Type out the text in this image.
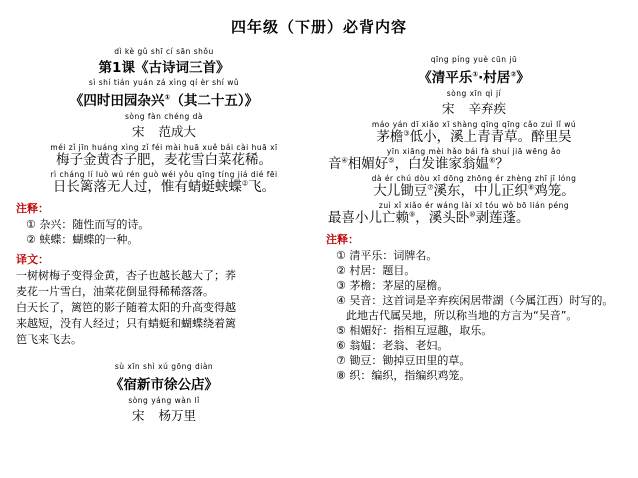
四年级（下册）必背内容
dì kè gǔ shī cí sān shǒu
第1课《古诗词三首》
sì shí tián yuán zá xìng qí èr shí wǔ
《四时田园杂兴①（其二十五）》
sòng fàn chéng dà
宋 范成大
méi zǐ jīn huáng xìng zǐ féi mài huā xuě bái cài huā xī
梅子金黄杏子肥，麦花雪白菜花稀。
rì cháng lí luò wú rén guò wéi yǒu qīng tíng jiá dié fēi
日长篱落无人过，惟有蜻蜓蛱蝶②飞。
注释：
① 杂兴：随性而写的诗。
② 蛱蝶：蝴蝶的一种。
译文：
一树树梅子变得金黄，杏子也越长越大了；荞
麦花一片雪白，油菜花倒显得稀稀落落。
白天长了，篱笆的影子随着太阳的升高变得越
来越短，没有人经过；只有蜻蜓和蝴蝶绕着篱
笆飞来飞去。
sù xīn shì xú gōng diàn
《宿新市徐公店》
sòng yáng wàn lǐ
宋 杨万里
qīng píng yuè cūn jū
《清平乐①·村居②》
sòng xīn qì jí
宋 辛弃疾
máo yán dī xiǎo xī shàng qīng qīng cǎo zuì lǐ wú
茅檐③低小，溪上青青草。醉里吴
yīn xiāng mèi hǎo bái fà shuí jiā wēng ǎo
音④相媚好⑤，白发谁家翁媪⑥？
dà ér chú dòu xī dōng zhōng ér zhèng zhī jī lóng
大儿锄豆⑦溪东，中儿正织⑧鸡笼。
zuì xǐ xiǎo ér wáng lài xī tóu wò bō lián péng
最喜小儿亡赖⑨，溪头卧⑩剥莲蓬。
注释：
① 清平乐：词牌名。
② 村居：题目。
③ 茅檐：茅屋的屋檐。
④ 吴音：这首词是辛弃疾闲居带湖（今属江西）时写的。此地古代属吴地，所以称当地的方言为“吴音”。
⑤ 相媚好：指相互逗趣，取乐。
⑥ 翁媪：老翁、老妇。
⑦ 锄豆：锄掉豆田里的草。
⑧ 织：编织，指编织鸡笼。
